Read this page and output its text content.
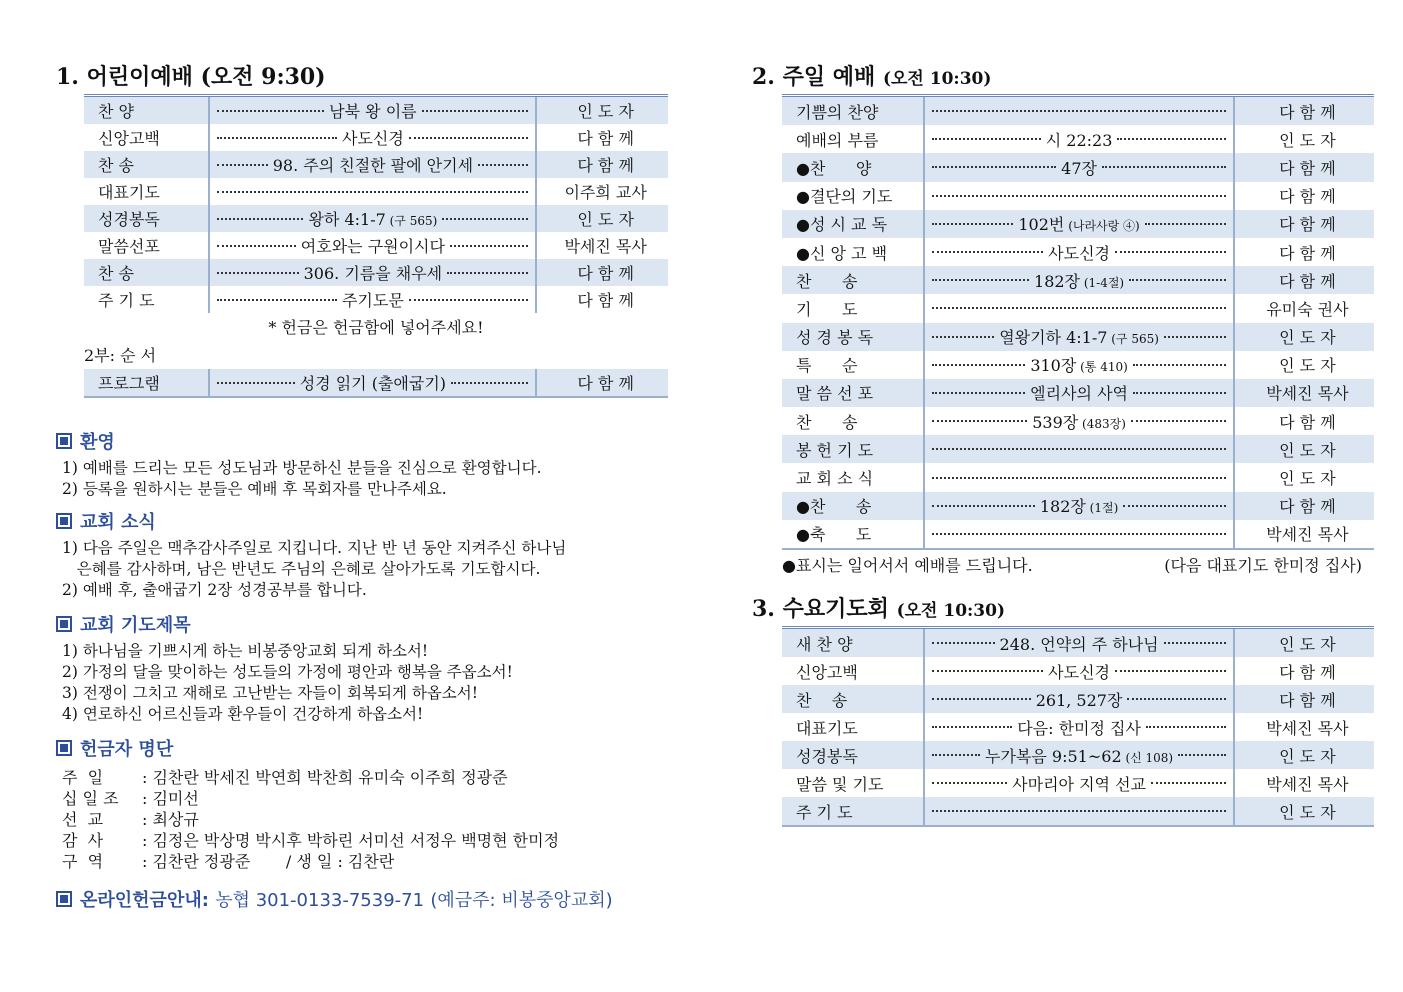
1. 어린이예배 (오전 9:30)
찬 양	남북 왕 이름	인 도 자
신앙고백	사도신경	다 함 께
찬 송	98. 주의 친절한 팔에 안기세	다 함 께
대표기도		이주희 교사
성경봉독	왕하 4:1-7 (구 565)	인 도 자
말씀선포	여호와는 구원이시다	박세진 목사
찬 송	306. 기름을 채우세	다 함 께
주 기 도	주기도문	다 함 께
* 헌금은 헌금함에 넣어주세요!
2부: 순 서
프로그램	성경 읽기 (출애굽기)	다 함 께
환영
1) 예배를 드리는 모든 성도님과 방문하신 분들을 진심으로 환영합니다.
2) 등록을 원하시는 분들은 예배 후 목회자를 만나주세요.
교회 소식
1) 다음 주일은 맥추감사주일로 지킵니다. 지난 반 년 동안 지켜주신 하나님
은혜를 감사하며, 남은 반년도 주님의 은혜로 살아가도록 기도합시다.
2) 예배 후, 출애굽기 2장 성경공부를 합니다.
교회 기도제목
1) 하나님을 기쁘시게 하는 비봉중앙교회 되게 하소서!
2) 가정의 달을 맞이하는 성도들의 가정에 평안과 행복을 주옵소서!
3) 전쟁이 그치고 재해로 고난받는 자들이 회복되게 하옵소서!
4) 연로하신 어르신들과 환우들이 건강하게 하옵소서!
헌금자 명단
주  일 : 김찬란 박세진 박연희 박찬희 유미숙 이주희 정광준
십 일 조 : 김미선
선  교 : 최상규
감  사 : 김정은 박상명 박시후 박하린 서미선 서정우 백명현 한미정
구  역 : 김찬란 정광준       / 생 일 : 김찬란
온라인헌금안내: 농협 301-0133-7539-71 (예금주: 비봉중앙교회)
2. 주일 예배 (오전 10:30)
기쁨의 찬양		다 함 께
예배의 부름	시 22:23	인 도 자
●찬      양	47장	다 함 께
●결단의 기도		다 함 께
●성 시 교 독	102번 (나라사랑 ④)	다 함 께
●신 앙 고 백	사도신경	다 함 께
찬      송	182장 (1-4절)	다 함 께
기      도		유미숙 권사
성 경 봉 독	열왕기하 4:1-7 (구 565)	인 도 자
특      순	310장 (통 410)	인 도 자
말 씀 선 포	엘리사의 사역	박세진 목사
찬      송	539장 (483장)	다 함 께
봉 헌 기 도		인 도 자
교 회 소 식		인 도 자
●찬      송	182장 (1절)	다 함 께
●축      도		박세진 목사
●표시는 일어서서 예배를 드립니다.	(다음 대표기도 한미정 집사)
3. 수요기도회 (오전 10:30)
새 찬 양	248. 언약의 주 하나님	인 도 자
신앙고백	사도신경	다 함 께
찬    송	261, 527장	다 함 께
대표기도	다음: 한미정 집사	박세진 목사
성경봉독	누가복음 9:51~62 (신 108)	인 도 자
말씀 및 기도	사마리아 지역 선교	박세진 목사
주 기 도		인 도 자
